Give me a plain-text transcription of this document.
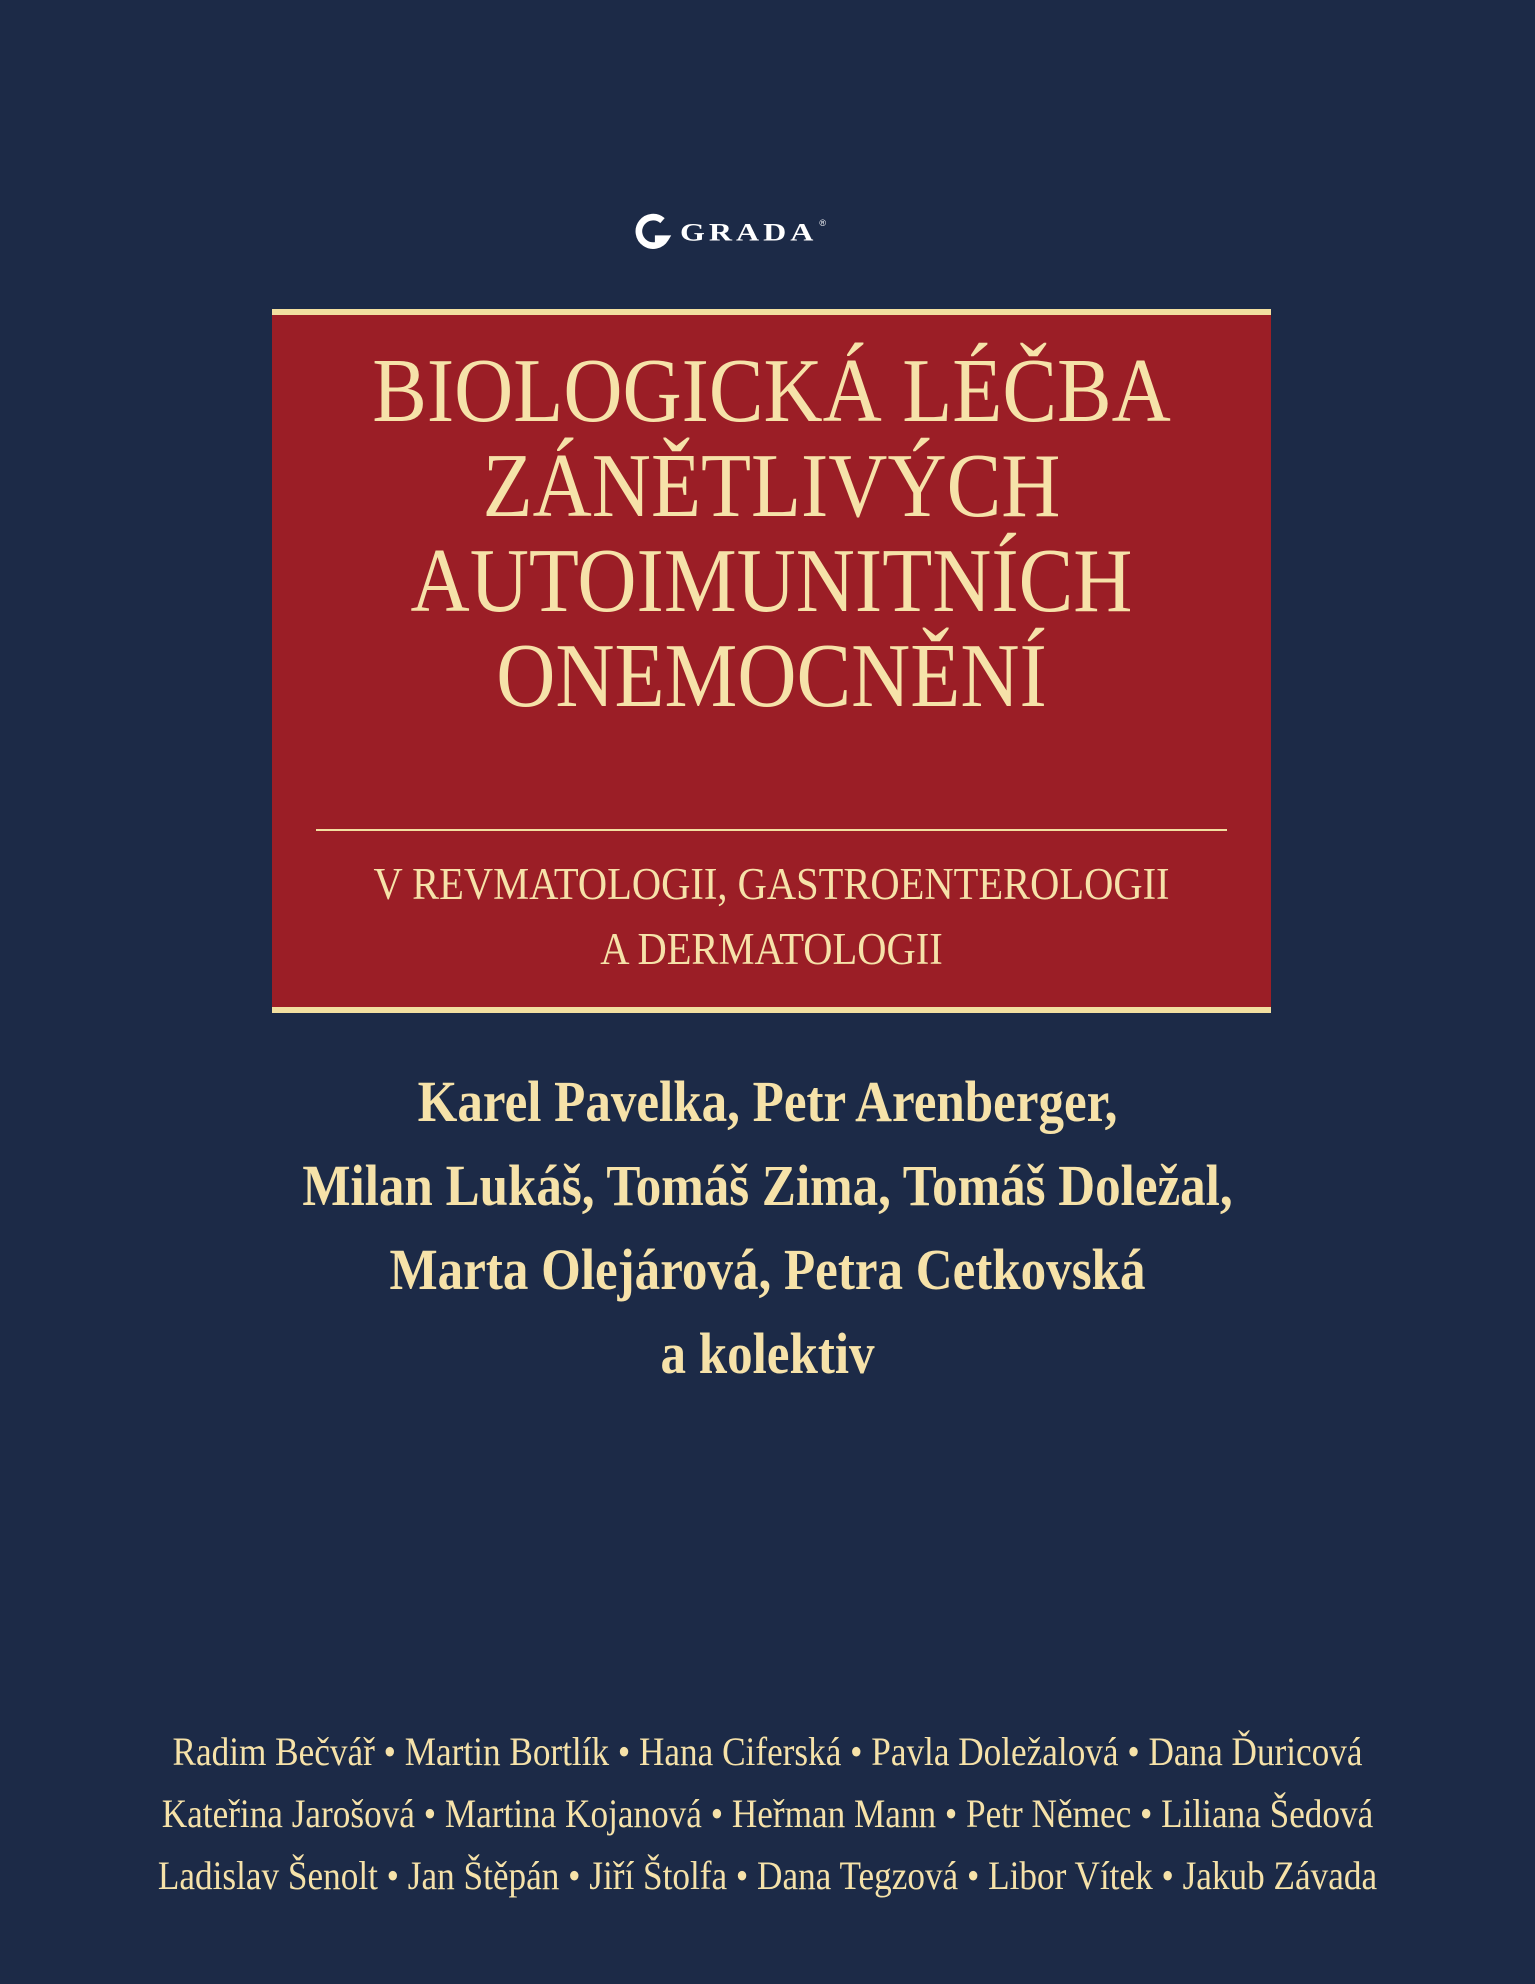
GRADA ®
BIOLOGICKÁ LÉČBA
ZÁNĚTLIVÝCH
AUTOIMUNITNÍCH
ONEMOCNĚNÍ
V REVMATOLOGII, GASTROENTEROLOGII
A DERMATOLOGII
Karel Pavelka, Petr Arenberger,
Milan Lukáš, Tomáš Zima, Tomáš Doležal,
Marta Olejárová, Petra Cetkovská
a kolektiv
Radim Bečvář • Martin Bortlík • Hana Ciferská • Pavla Doležalová • Dana Ďuricová
Kateřina Jarošová • Martina Kojanová • Heřman Mann • Petr Němec • Liliana Šedová
Ladislav Šenolt • Jan Štěpán • Jiří Štolfa • Dana Tegzová • Libor Vítek • Jakub Závada
